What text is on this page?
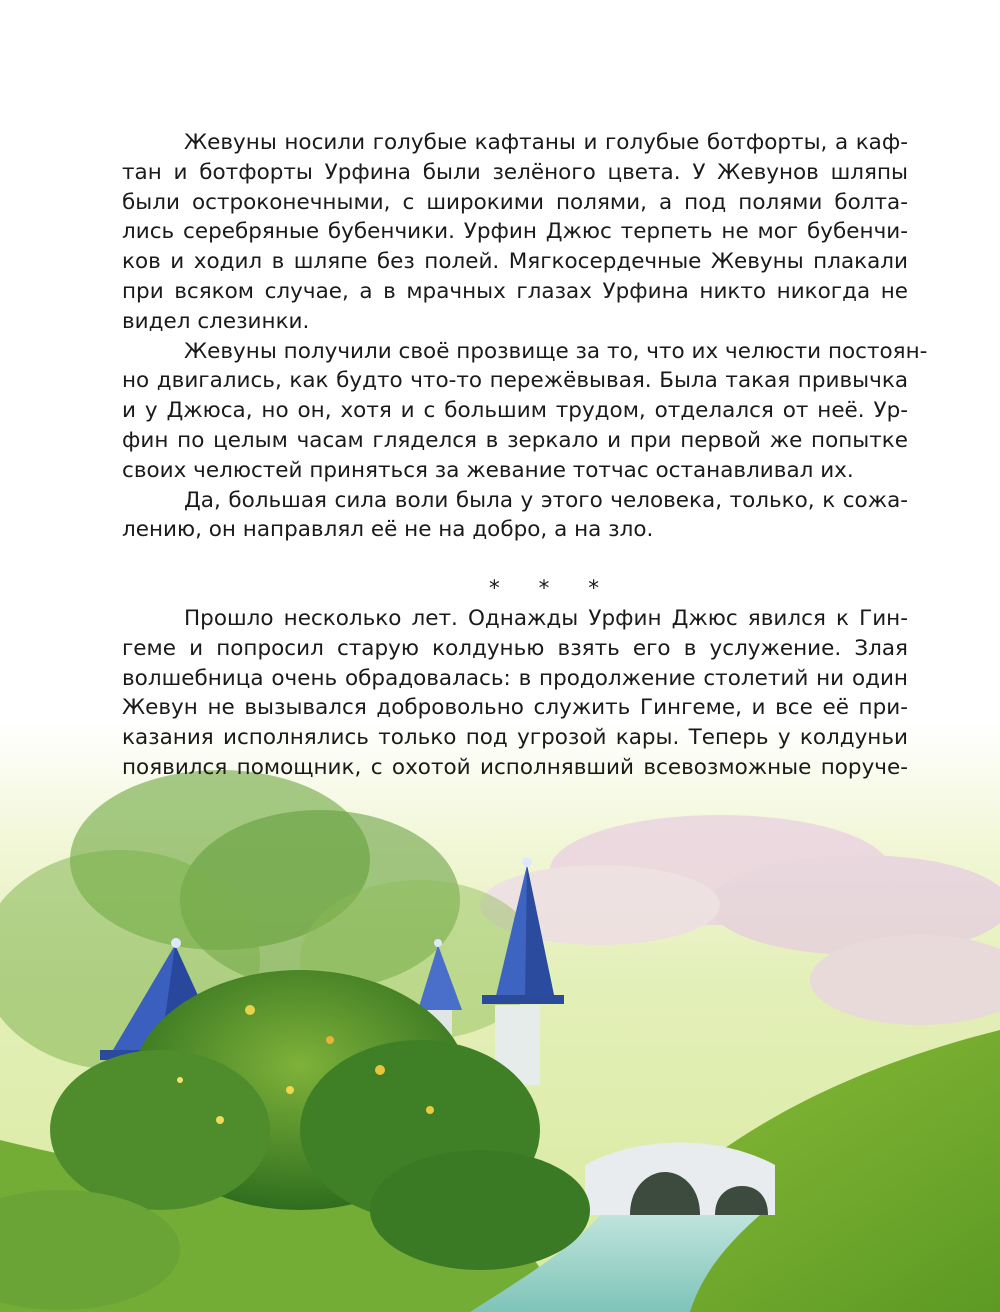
Жевуны носили голубые кафтаны и голубые ботфорты, а каф-
тан и ботфорты Урфина были зелёного цвета. У Жевунов шляпы
были остроконечными, с широкими полями, а под полями болта-
лись серебряные бубенчики. Урфин Джюс терпеть не мог бубенчи-
ков и ходил в шляпе без полей. Мягкосердечные Жевуны плакали
при всяком случае, а в мрачных глазах Урфина никто никогда не
видел слезинки.
Жевуны получили своё прозвище за то, что их челюсти постоян-
но двигались, как будто что-то пережёвывая. Была такая привычка
и у Джюса, но он, хотя и с большим трудом, отделался от неё. Ур-
фин по целым часам гляделся в зеркало и при первой же попытке
своих челюстей приняться за жевание тотчас останавливал их.
Да, большая сила воли была у этого человека, только, к сожа-
лению, он направлял её не на добро, а на зло.
* * *
Прошло несколько лет. Однажды Урфин Джюс явился к Гин-
геме и попросил старую колдунью взять его в услужение. Злая
волшебница очень обрадовалась: в продолжение столетий ни один
Жевун не вызывался добровольно служить Гингеме, и все её при-
казания исполнялись только под угрозой кары. Теперь у колдуньи
появился помощник, с охотой исполнявший всевозможные поруче-
